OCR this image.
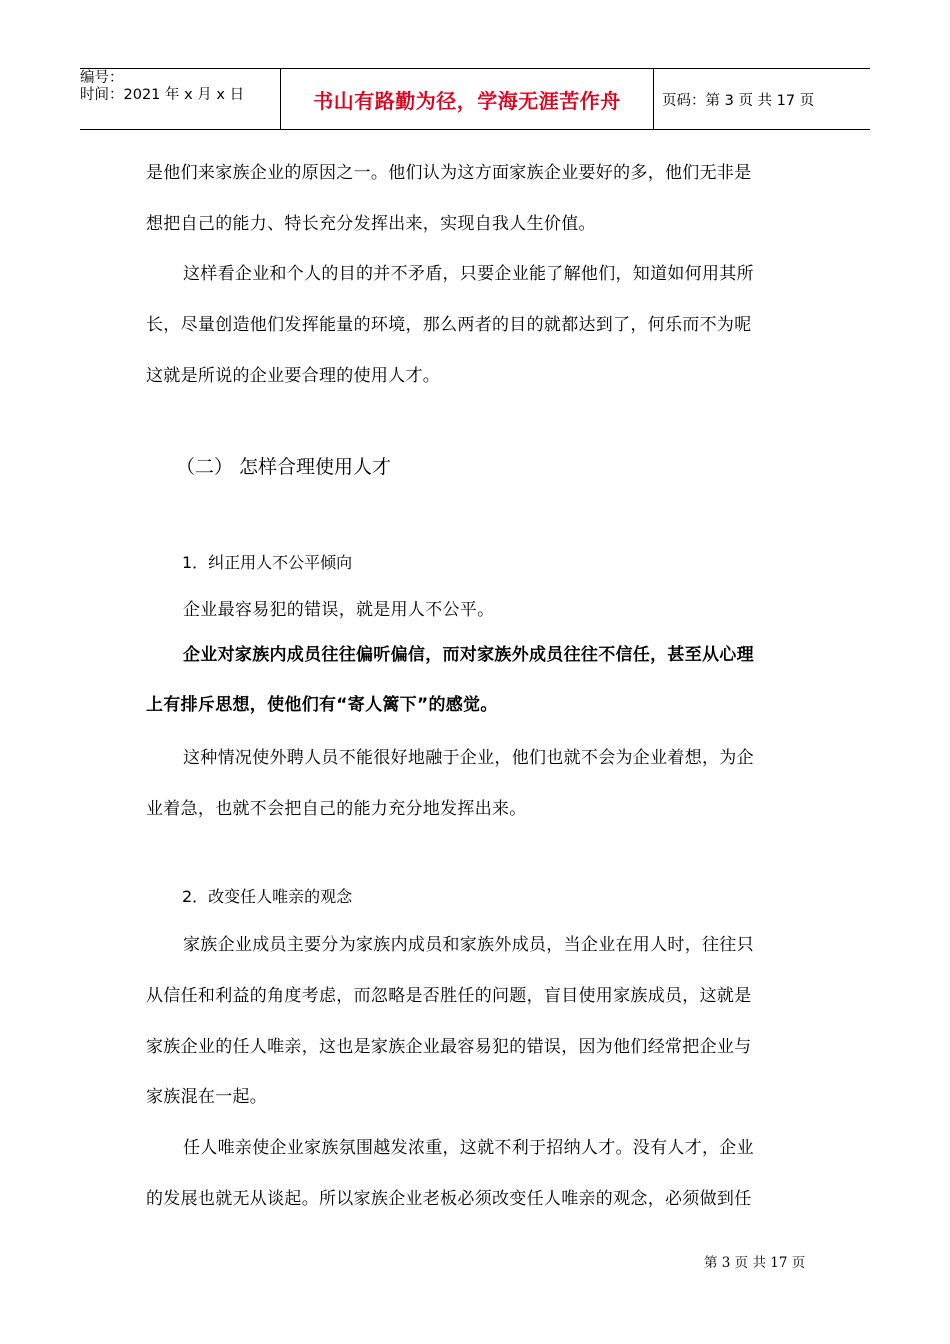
编号：
时间：2021 年 x 月 x 日	书山有路勤为径，学海无涯苦作舟	页码：第 3 页 共 17 页
是他们来家族企业的原因之一。他们认为这方面家族企业要好的多，他们无非是
想把自己的能力、特长充分发挥出来，实现自我人生价值。
这样看企业和个人的目的并不矛盾，只要企业能了解他们，知道如何用其所
长，尽量创造他们发挥能量的环境，那么两者的目的就都达到了，何乐而不为呢
这就是所说的企业要合理的使用人才。
（二） 怎样合理使用人才
1．纠正用人不公平倾向
企业最容易犯的错误，就是用人不公平。
企业对家族内成员往往偏听偏信，而对家族外成员往往不信任，甚至从心理
上有排斥思想，使他们有“寄人篱下”的感觉。
这种情况使外聘人员不能很好地融于企业，他们也就不会为企业着想，为企
业着急，也就不会把自己的能力充分地发挥出来。
2．改变任人唯亲的观念
家族企业成员主要分为家族内成员和家族外成员，当企业在用人时，往往只
从信任和利益的角度考虑，而忽略是否胜任的问题，盲目使用家族成员，这就是
家族企业的任人唯亲，这也是家族企业最容易犯的错误，因为他们经常把企业与
家族混在一起。
任人唯亲使企业家族氛围越发浓重，这就不利于招纳人才。没有人才，企业
的发展也就无从谈起。所以家族企业老板必须改变任人唯亲的观念，必须做到任
第 3 页 共 17 页
